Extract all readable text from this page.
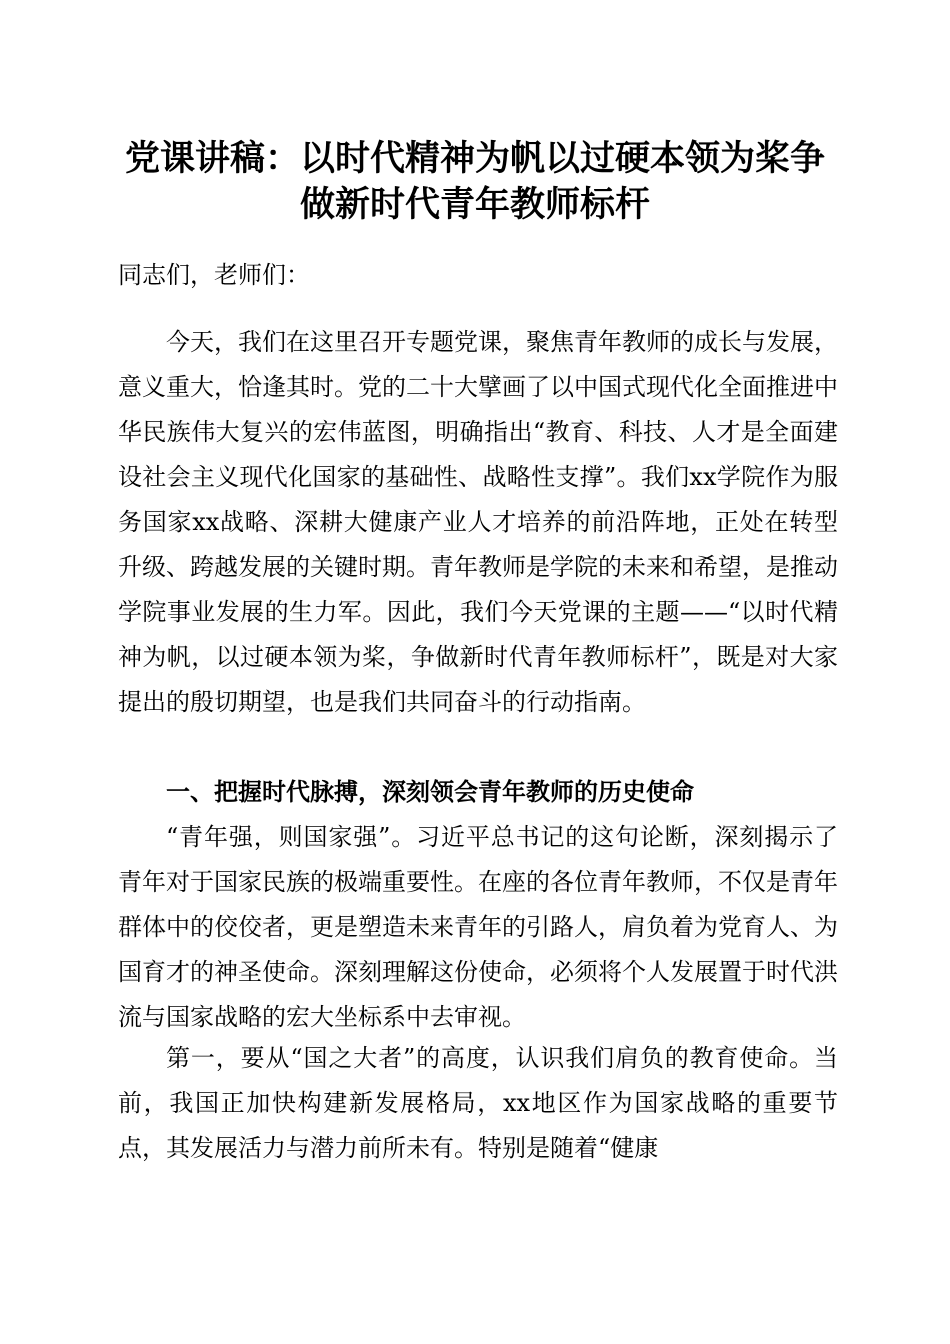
党课讲稿：以时代精神为帆以过硬本领为桨争
做新时代青年教师标杆
同志们，老师们：
今天，我们在这里召开专题党课，聚焦青年教师的成长与发展，意义重大，恰逢其时。党的二十大擘画了以中国式现代化全面推进中华民族伟大复兴的宏伟蓝图，明确指出“教育、科技、人才是全面建设社会主义现代化国家的基础性、战略性支撑”。我们xx学院作为服务国家xx战略、深耕大健康产业人才培养的前沿阵地，正处在转型升级、跨越发展的关键时期。青年教师是学院的未来和希望，是推动学院事业发展的生力军。因此，我们今天党课的主题——“以时代精神为帆，以过硬本领为桨，争做新时代青年教师标杆”，既是对大家提出的殷切期望，也是我们共同奋斗的行动指南。
一、把握时代脉搏，深刻领会青年教师的历史使命
“青年强，则国家强”。习近平总书记的这句论断，深刻揭示了青年对于国家民族的极端重要性。在座的各位青年教师，不仅是青年群体中的佼佼者，更是塑造未来青年的引路人，肩负着为党育人、为国育才的神圣使命。深刻理解这份使命，必须将个人发展置于时代洪流与国家战略的宏大坐标系中去审视。
第一，要从“国之大者”的高度，认识我们肩负的教育使命。当前，我国正加快构建新发展格局，xx地区作为国家战略的重要节点，其发展活力与潜力前所未有。特别是随着“健康
